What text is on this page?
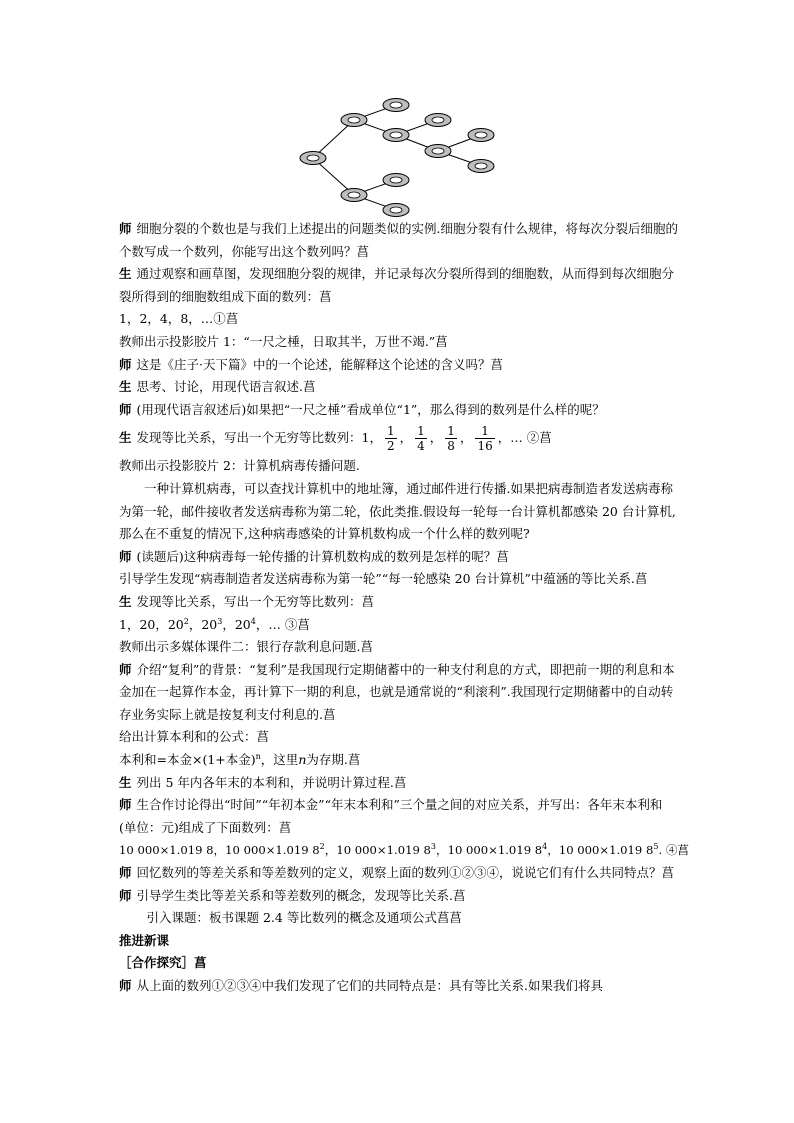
师 细胞分裂的个数也是与我们上述提出的问题类似的实例.细胞分裂有什么规律，将每次分裂后细胞的个数写成一个数列，你能写出这个数列吗？菖

生 通过观察和画草图，发现细胞分裂的规律，并记录每次分裂所得到的细胞数，从而得到每次细胞分裂所得到的细胞数组成下面的数列：菖

1，2，4，8，…①菖

教师出示投影胶片 1：“一尺之棰，日取其半，万世不竭.”菖

师 这是《庄子·天下篇》中的一个论述，能解释这个论述的含义吗？菖

生 思考、讨论，用现代语言叙述.菖

师 (用现代语言叙述后)如果把“一尺之棰”看成单位“1”，那么得到的数列是什么样的呢？

生 发现等比关系，写出一个无穷等比数列：1， $\frac{1}{2}$ ， $\frac{1}{4}$ ， $\frac{1}{8}$ ， $\frac{1}{16}$ ，… ②菖

教师出示投影胶片 2：计算机病毒传播问题.

一种计算机病毒，可以查找计算机中的地址簿，通过邮件进行传播.如果把病毒制造者发送病毒称为第一轮，邮件接收者发送病毒称为第二轮，依此类推.假设每一轮每一台计算机都感染 20 台计算机,那么在不重复的情况下,这种病毒感染的计算机数构成一个什么样的数列呢?

师 (读题后)这种病毒每一轮传播的计算机数构成的数列是怎样的呢？菖

引导学生发现“病毒制造者发送病毒称为第一轮”“每一轮感染 20 台计算机”中蕴涵的等比关系.菖

生 发现等比关系，写出一个无穷等比数列：菖

1，20，$20^2$，$20^3$，$20^4$，… ③菖

教师出示多媒体课件二：银行存款利息问题.菖

师 介绍“复利”的背景：“复利”是我国现行定期储蓄中的一种支付利息的方式，即把前一期的利息和本金加在一起算作本金，再计算下一期的利息，也就是通常说的“利滚利”.我国现行定期储蓄中的自动转存业务实际上就是按复利支付利息的.菖

给出计算本利和的公式：菖

本利和=本金×(1+本金)$^n$，这里n为存期.菖

生 列出 5 年内各年末的本利和，并说明计算过程.菖

师 生合作讨论得出“时间”“年初本金”“年末本利和”三个量之间的对应关系，并写出：各年末本利和(单位：元)组成了下面数列：菖

10 000×1.019 8，10 000×1.019 $8^2$，10 000×1.019 $8^3$，10 000×1.019 $8^4$，10 000×1.019 $8^5$. ④菖

师 回忆数列的等差关系和等差数列的定义，观察上面的数列①②③④，说说它们有什么共同特点？菖

师 引导学生类比等差关系和等差数列的概念，发现等比关系.菖

引入课题：板书课题 2.4 等比数列的概念及通项公式菖菖

推进新课

［合作探究］菖

师 从上面的数列①②③④中我们发现了它们的共同特点是：具有等比关系.如果我们将具
